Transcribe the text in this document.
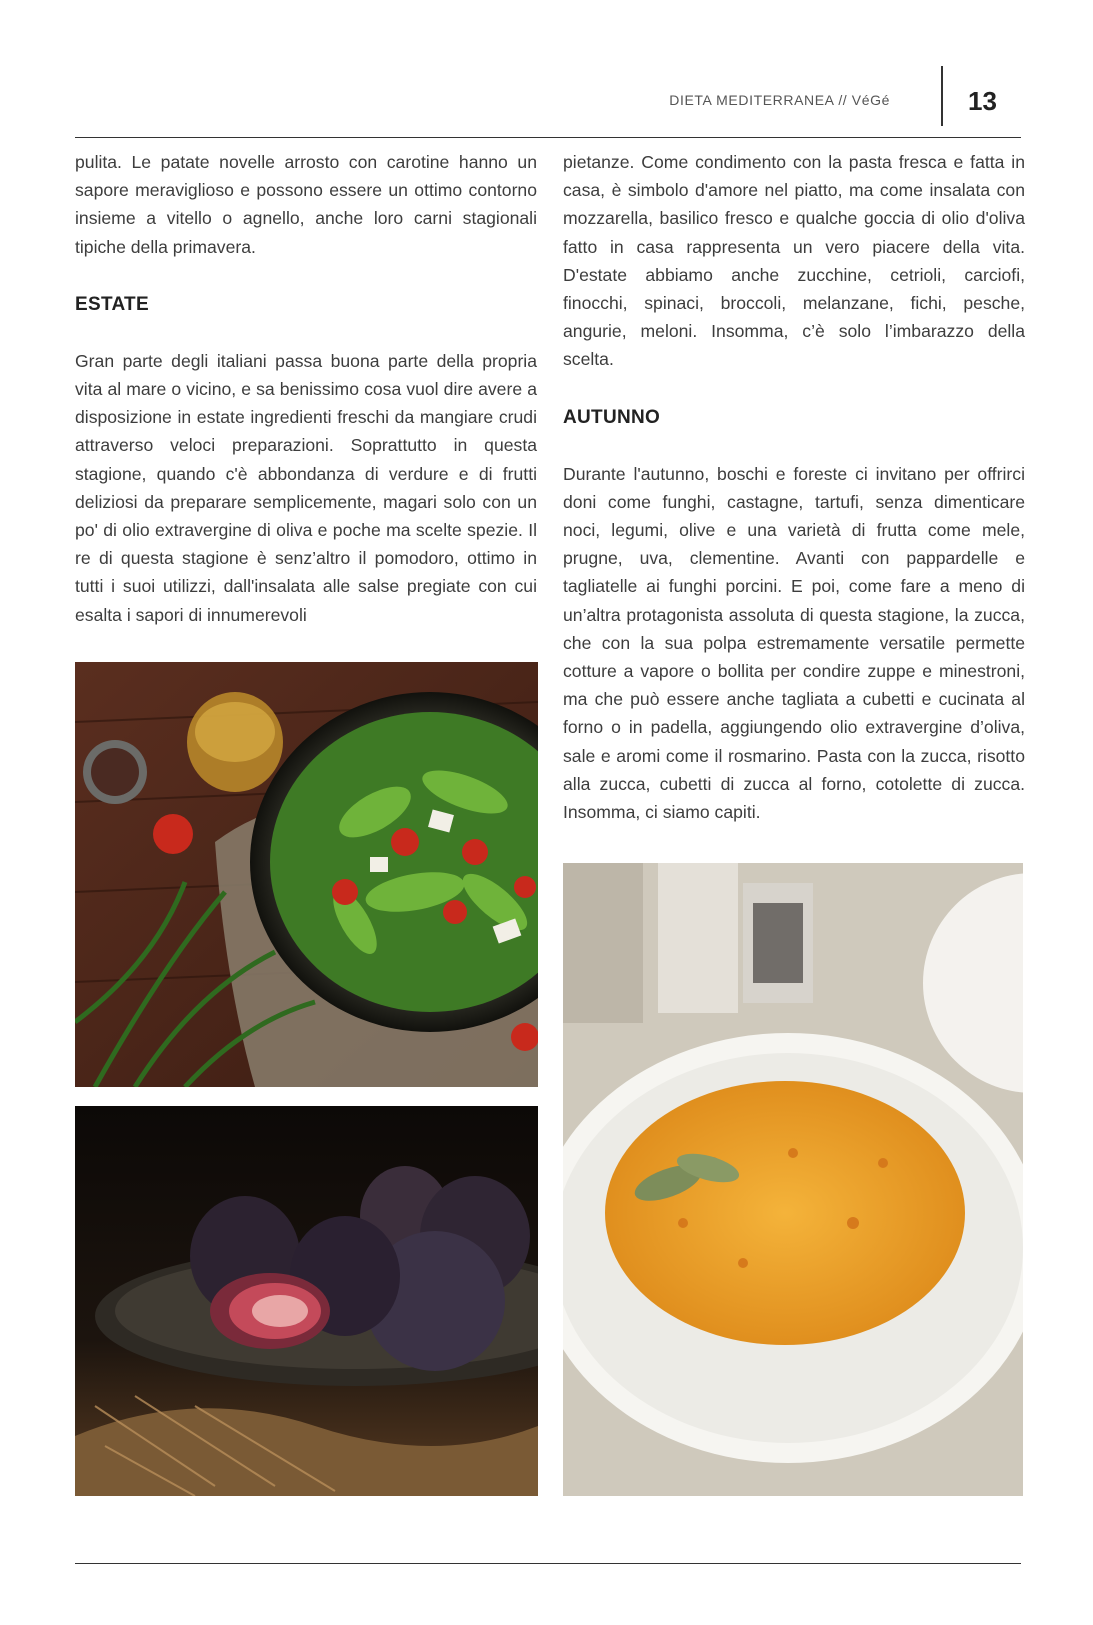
DIETA MEDITERRANEA // VéGé	13

pulita. Le patate novelle arrosto con carotine hanno un sapore meraviglioso e possono essere un ottimo contorno insieme a vitello o agnello, anche loro carni stagionali tipiche della primavera.

ESTATE

Gran parte degli italiani passa buona parte della propria vita al mare o vicino, e sa benissimo cosa vuol dire avere a disposizione in estate ingredienti freschi da mangiare crudi attraverso veloci preparazioni. Soprattutto in questa stagione, quando c'è abbondanza di verdure e di frutti deliziosi da preparare semplicemente, magari solo con un po' di olio extravergine di oliva e poche ma scelte spezie. Il re di questa stagione è senz’altro il pomodoro, ottimo in tutti i suoi utilizzi, dall'insalata alle salse pregiate con cui esalta i sapori di innumerevoli

pietanze. Come condimento con la pasta fresca e fatta in casa, è simbolo d'amore nel piatto, ma come insalata con mozzarella, basilico fresco e qualche goccia di olio d'oliva fatto in casa rappresenta un vero piacere della vita. D'estate abbiamo anche zucchine, cetrioli, carciofi, finocchi, spinaci, broccoli, melanzane, fichi, pesche, angurie, meloni. Insomma, c’è solo l’imbarazzo della scelta.

AUTUNNO

Durante l'autunno, boschi e foreste ci invitano per offrirci doni come funghi, castagne, tartufi, senza dimenticare noci, legumi, olive e una varietà di frutta come mele, prugne, uva, clementine. Avanti con pappardelle e tagliatelle ai funghi porcini. E poi, come fare a meno di un’altra protagonista assoluta di questa stagione, la zucca, che con la sua polpa estremamente versatile permette cotture a vapore o bollita per condire zuppe e minestroni, ma che può essere anche tagliata a cubetti e cucinata al forno o in padella, aggiungendo olio extravergine d’oliva, sale e aromi come il rosmarino. Pasta con la zucca, risotto alla zucca, cubetti di zucca al forno, cotolette di zucca. Insomma, ci siamo capiti.
